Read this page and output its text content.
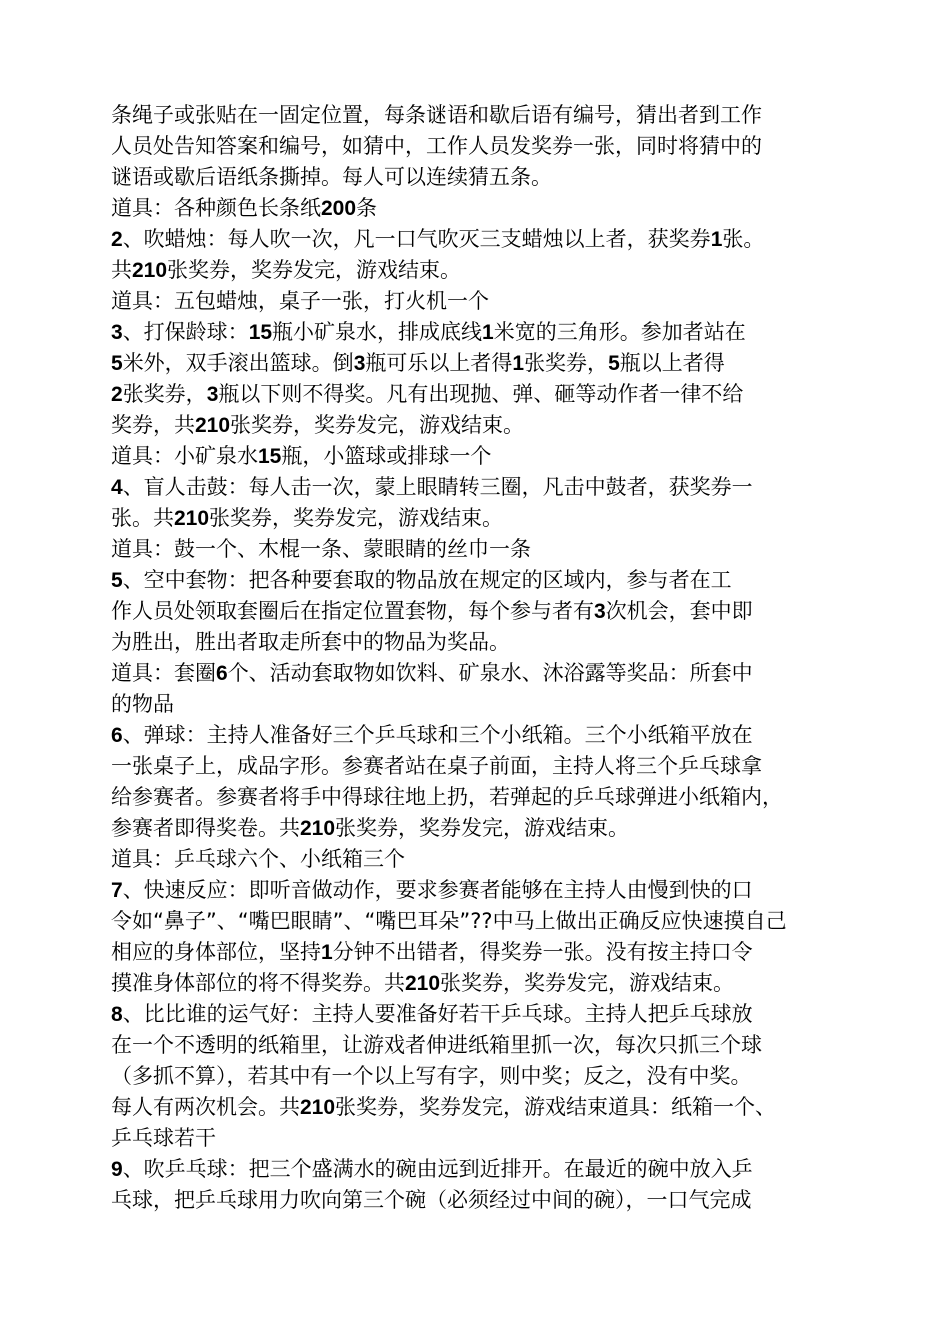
条绳子或张贴在一固定位置，每条谜语和歇后语有编号，猜出者到工作
人员处告知答案和编号，如猜中，工作人员发奖券一张，同时将猜中的
谜语或歇后语纸条撕掉。每人可以连续猜五条。
道具：各种颜色长条纸200条
2、吹蜡烛：每人吹一次，凡一口气吹灭三支蜡烛以上者，获奖券1张。
共210张奖券，奖券发完，游戏结束。
道具：五包蜡烛，桌子一张，打火机一个
3、打保龄球：15瓶小矿泉水，排成底线1米宽的三角形。参加者站在
5米外，双手滚出篮球。倒3瓶可乐以上者得1张奖券，5瓶以上者得
2张奖券，3瓶以下则不得奖。凡有出现抛、弹、砸等动作者一律不给
奖券，共210张奖券，奖券发完，游戏结束。
道具：小矿泉水15瓶，小篮球或排球一个
4、盲人击鼓：每人击一次，蒙上眼睛转三圈，凡击中鼓者，获奖券一
张。共210张奖券，奖券发完，游戏结束。
道具：鼓一个、木棍一条、蒙眼睛的丝巾一条
5、空中套物：把各种要套取的物品放在规定的区域内，参与者在工
作人员处领取套圈后在指定位置套物，每个参与者有3次机会，套中即
为胜出，胜出者取走所套中的物品为奖品。
道具：套圈6个、活动套取物如饮料、矿泉水、沐浴露等奖品：所套中
的物品
6、弹球：主持人准备好三个乒乓球和三个小纸箱。三个小纸箱平放在
一张桌子上，成品字形。参赛者站在桌子前面，主持人将三个乒乓球拿
给参赛者。参赛者将手中得球往地上扔，若弹起的乒乓球弹进小纸箱内，
参赛者即得奖卷。共210张奖券，奖券发完，游戏结束。
道具：乒乓球六个、小纸箱三个
7、快速反应：即听音做动作，要求参赛者能够在主持人由慢到快的口
令如“鼻子”、“嘴巴眼睛”、“嘴巴耳朵”??中马上做出正确反应快速摸自己
相应的身体部位，坚持1分钟不出错者，得奖券一张。没有按主持口令
摸准身体部位的将不得奖券。共210张奖券，奖券发完，游戏结束。
8、比比谁的运气好：主持人要准备好若干乒乓球。主持人把乒乓球放
在一个不透明的纸箱里，让游戏者伸进纸箱里抓一次，每次只抓三个球
（多抓不算），若其中有一个以上写有字，则中奖；反之，没有中奖。
每人有两次机会。共210张奖券，奖券发完，游戏结束道具：纸箱一个、
乒乓球若干
9、吹乒乓球：把三个盛满水的碗由远到近排开。在最近的碗中放入乒
乓球，把乒乓球用力吹向第三个碗（必须经过中间的碗），一口气完成
